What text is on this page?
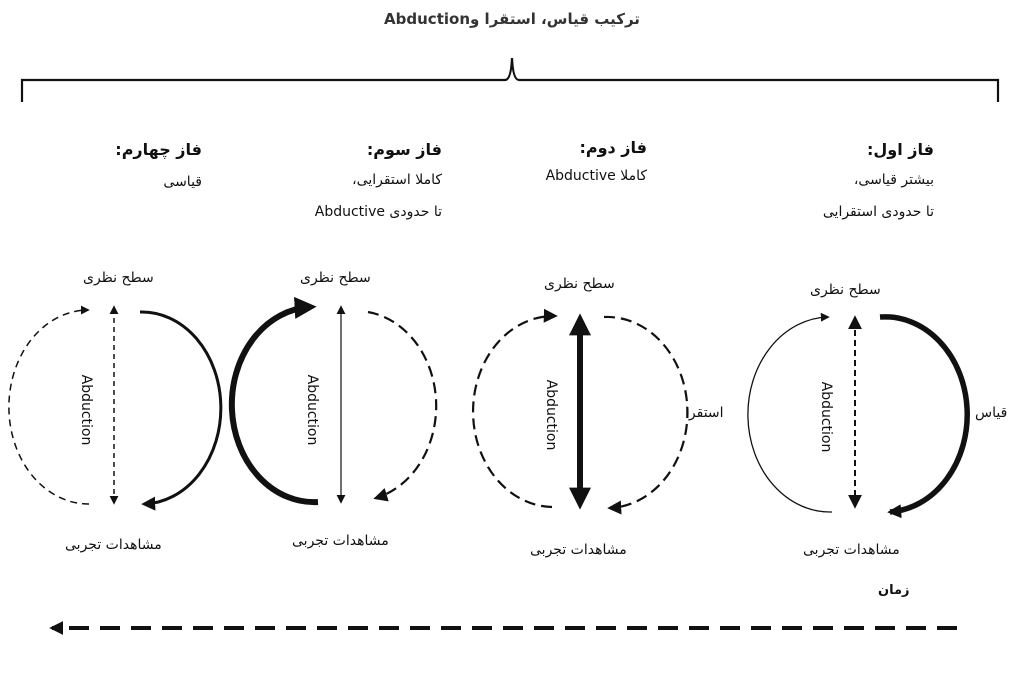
ترکیب قیاس، استقرا وAbduction
فاز اول:
بیشتر قیاسی،
تا حدودی استقرایی
سطح نظری
مشاهدات تجربی
قیاس
فاز دوم:
کاملا Abductive
سطح نظری
مشاهدات تجربی
استقرا
فاز سوم:
کاملا استقرایی،
تا حدودی Abductive
سطح نظری
مشاهدات تجربی
فاز چهارم:
قیاسی
سطح نظری
مشاهدات تجربی
زمان
Abduction
Abduction
Abduction
Abduction
